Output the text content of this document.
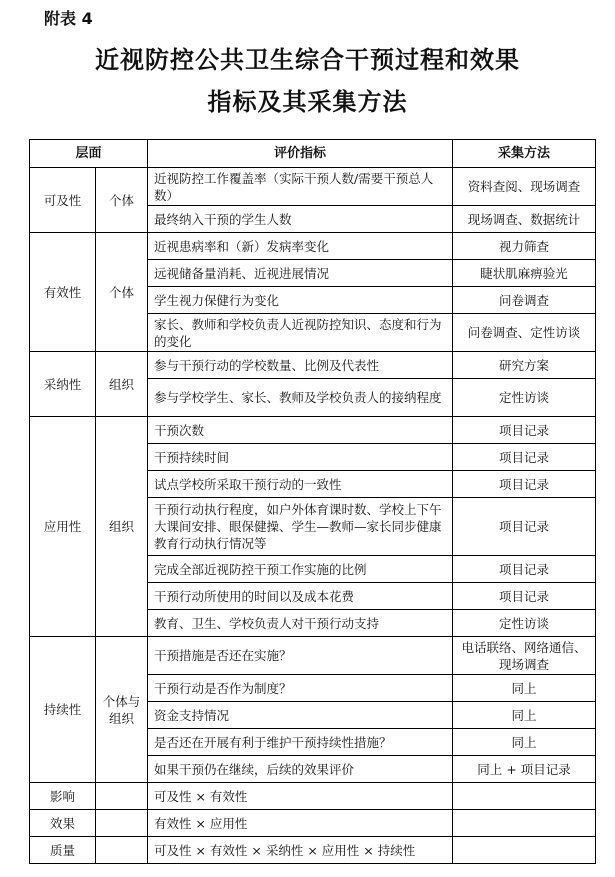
附表 4
近视防控公共卫生综合干预过程和效果
指标及其采集方法
层面		评价指标	采集方法
可及性	个体	近视防控工作覆盖率（实际干预人数/需要干预总人数）	资料查阅、现场调查
		最终纳入干预的学生人数	现场调查、数据统计
有效性	个体	近视患病率和（新）发病率变化	视力筛查
		远视储备量消耗、近视进展情况	睫状肌麻痹验光
		学生视力保健行为变化	问卷调查
		家长、教师和学校负责人近视防控知识、态度和行为的变化	问卷调查、定性访谈
采纳性	组织	参与干预行动的学校数量、比例及代表性	研究方案
		参与学校学生、家长、教师及学校负责人的接纳程度	定性访谈
应用性	组织	干预次数	项目记录
		干预持续时间	项目记录
		试点学校所采取干预行动的一致性	项目记录
		干预行动执行程度，如户外体育课时数、学校上下午大课间安排、眼保健操、学生—教师—家长同步健康教育行动执行情况等	项目记录
		完成全部近视防控干预工作实施的比例	项目记录
		干预行动所使用的时间以及成本花费	项目记录
		教育、卫生、学校负责人对干预行动支持	定性访谈
持续性	个体与组织	干预措施是否还在实施？	电话联络、网络通信、现场调查
		干预行动是否作为制度？	同上
		资金支持情况	同上
		是否还在开展有利于维护干预持续性措施？	同上
		如果干预仍在继续，后续的效果评价	同上 + 项目记录
影响		可及性 × 有效性	
效果		有效性 × 应用性	
质量		可及性 × 有效性 × 采纳性 × 应用性 × 持续性	
